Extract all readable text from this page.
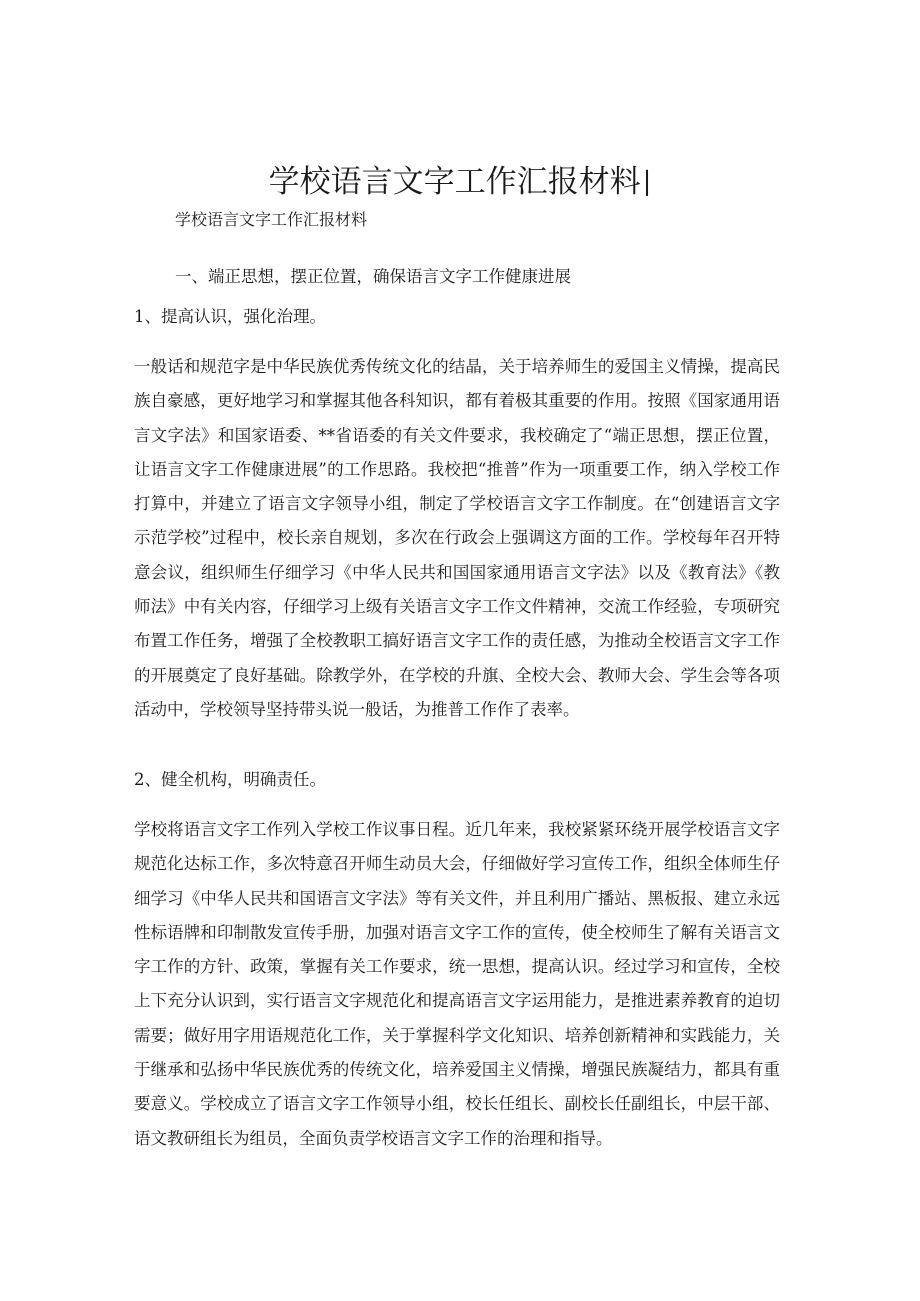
学校语言文字工作汇报材料|
学校语言文字工作汇报材料
一、端正思想，摆正位置，确保语言文字工作健康进展
1、提高认识，强化治理。

一般话和规范字是中华民族优秀传统文化的结晶，关于培养师生的爱国主义情操，提高民族自豪感，更好地学习和掌握其他各科知识，都有着极其重要的作用。按照《国家通用语言文字法》和国家语委、**省语委的有关文件要求，我校确定了“端正思想，摆正位置，让语言文字工作健康进展”的工作思路。我校把“推普”作为一项重要工作，纳入学校工作打算中，并建立了语言文字领导小组，制定了学校语言文字工作制度。在“创建语言文字示范学校”过程中，校长亲自规划，多次在行政会上强调这方面的工作。学校每年召开特意会议，组织师生仔细学习《中华人民共和国国家通用语言文字法》以及《教育法》《教师法》中有关内容，仔细学习上级有关语言文字工作文件精神，交流工作经验，专项研究布置工作任务，增强了全校教职工搞好语言文字工作的责任感，为推动全校语言文字工作的开展奠定了良好基础。除教学外，在学校的升旗、全校大会、教师大会、学生会等各项活动中，学校领导坚持带头说一般话，为推普工作作了表率。

2、健全机构，明确责任。

学校将语言文字工作列入学校工作议事日程。近几年来，我校紧紧环绕开展学校语言文字规范化达标工作，多次特意召开师生动员大会，仔细做好学习宣传工作，组织全体师生仔细学习《中华人民共和国语言文字法》等有关文件，并且利用广播站、黑板报、建立永远性标语牌和印制散发宣传手册，加强对语言文字工作的宣传，使全校师生了解有关语言文字工作的方针、政策，掌握有关工作要求，统一思想，提高认识。经过学习和宣传，全校上下充分认识到，实行语言文字规范化和提高语言文字运用能力，是推进素养教育的迫切需要；做好用字用语规范化工作，关于掌握科学文化知识、培养创新精神和实践能力，关于继承和弘扬中华民族优秀的传统文化，培养爱国主义情操，增强民族凝结力，都具有重要意义。学校成立了语言文字工作领导小组，校长任组长、副校长任副组长，中层干部、语文教研组长为组员，全面负责学校语言文字工作的治理和指导。
